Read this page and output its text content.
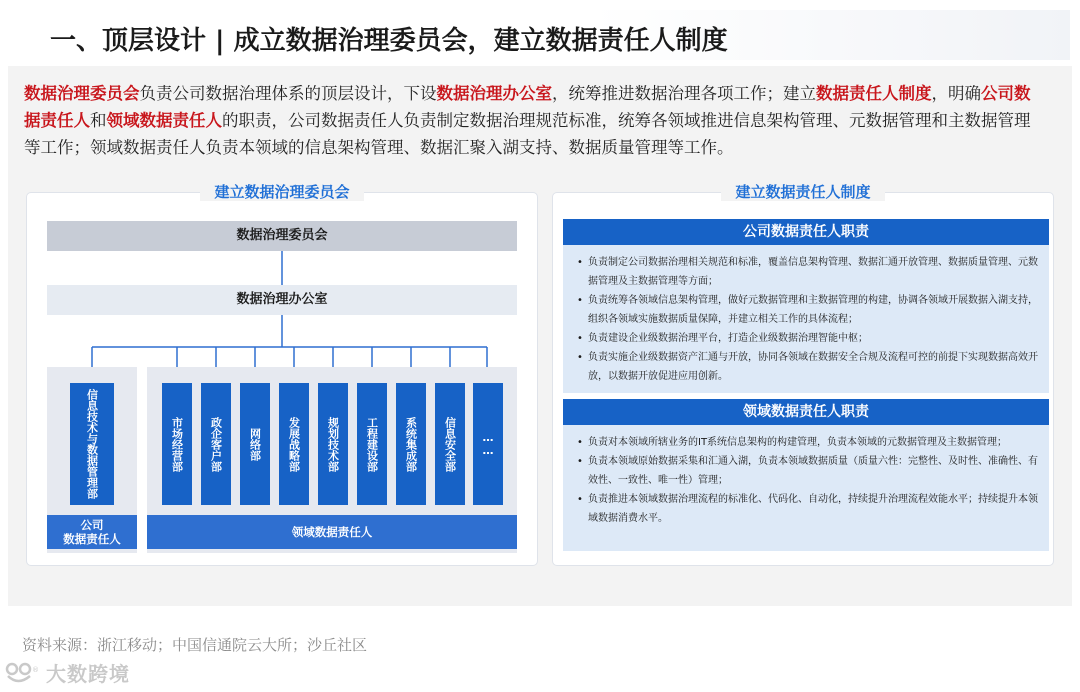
一、顶层设计 | 成立数据治理委员会，建立数据责任人制度

数据治理委员会负责公司数据治理体系的顶层设计，下设数据治理办公室，统筹推进数据治理各项工作；建立数据责任人制度，明确公司数据责任人和领域数据责任人的职责，公司数据责任人负责制定数据治理规范标准，统筹各领域推进信息架构管理、元数据管理和主数据管理等工作；领域数据责任人负责本领域的信息架构管理、数据汇聚入湖支持、数据质量管理等工作。

建立数据治理委员会
数据治理委员会
数据治理办公室
信息技术与数据管理部	市场经营部	政企客户部	网络部	发展战略部	规划技术部	工程建设部	系统集成部	信息安全部	……
公司
数据责任人	领域数据责任人
建立数据责任人制度
公司数据责任人职责
• 负责制定公司数据治理相关规范和标准，覆盖信息架构管理、数据汇通开放管理、数据质量管理、元数据管理及主数据管理等方面；
• 负责统筹各领域信息架构管理，做好元数据管理和主数据管理的构建，协调各领域开展数据入湖支持，组织各领域实施数据质量保障，并建立相关工作的具体流程；
• 负责建设企业级数据治理平台，打造企业级数据治理智能中枢；
• 负责实施企业级数据资产汇通与开放，协同各领域在数据安全合规及流程可控的前提下实现数据高效开放，以数据开放促进应用创新。
领域数据责任人职责
• 负责对本领域所辖业务的IT系统信息架构的构建管理，负责本领域的元数据管理及主数据管理；
• 负责本领域原始数据采集和汇通入湖，负责本领域数据质量（质量六性：完整性、及时性、准确性、有效性、一致性、唯一性）管理；
• 负责推进本领域数据治理流程的标准化、代码化、自动化，持续提升治理流程效能水平；持续提升本领域数据消费水平。
资料来源：浙江移动；中国信通院云大所；沙丘社区
® 大数跨境
